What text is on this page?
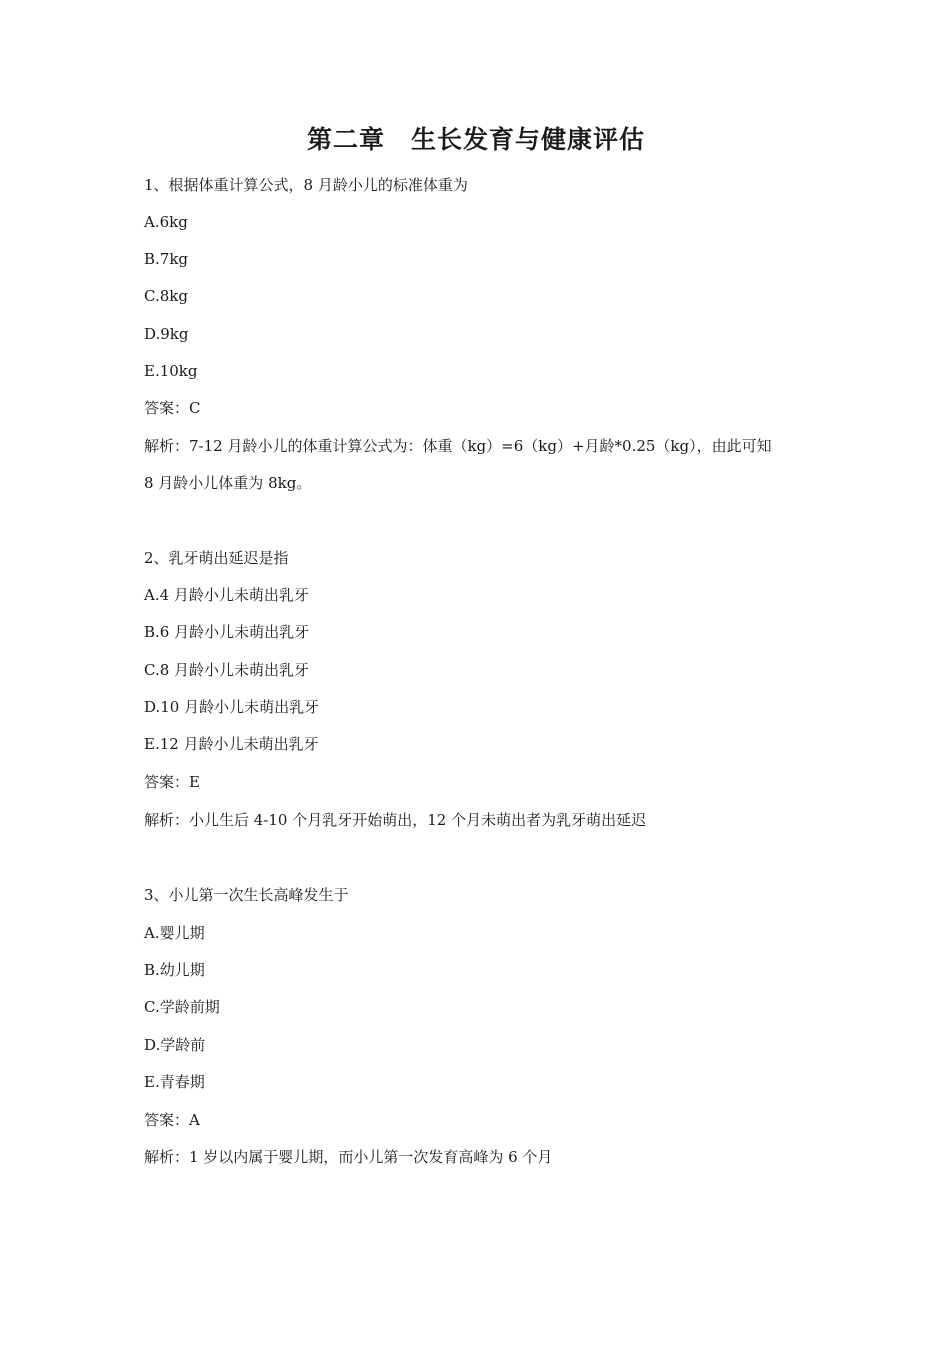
第二章　生长发育与健康评估
1、根据体重计算公式，8 月龄小儿的标准体重为
A.6kg
B.7kg
C.8kg
D.9kg
E.10kg
答案：C
解析：7-12 月龄小儿的体重计算公式为：体重（kg）=6（kg）+月龄*0.25（kg），由此可知
8 月龄小儿体重为 8kg。
2、乳牙萌出延迟是指
A.4 月龄小儿未萌出乳牙
B.6 月龄小儿未萌出乳牙
C.8 月龄小儿未萌出乳牙
D.10 月龄小儿未萌出乳牙
E.12 月龄小儿未萌出乳牙
答案：E
解析：小儿生后 4-10 个月乳牙开始萌出，12 个月未萌出者为乳牙萌出延迟
3、小儿第一次生长高峰发生于
A.婴儿期
B.幼儿期
C.学龄前期
D.学龄前
E.青春期
答案：A
解析：1 岁以内属于婴儿期，而小儿第一次发育高峰为 6 个月
